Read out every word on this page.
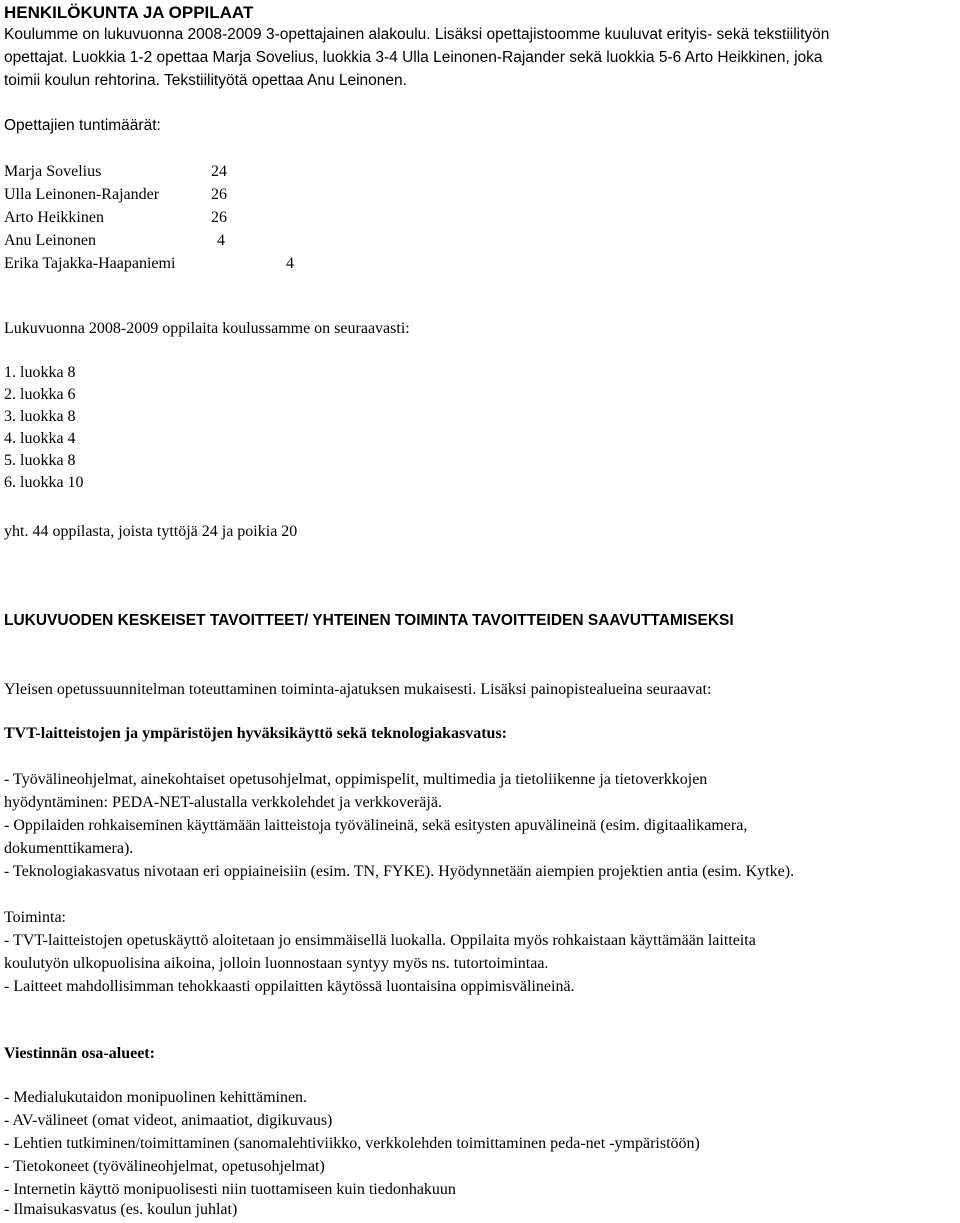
HENKILÖKUNTA JA OPPILAAT
Koulumme on lukuvuonna 2008-2009 3-opettajainen alakoulu. Lisäksi opettajistoomme kuuluvat erityis- sekä tekstiilityön
opettajat. Luokkia 1-2 opettaa Marja Sovelius, luokkia 3-4 Ulla Leinonen-Rajander sekä luokkia 5-6 Arto Heikkinen, joka
toimii koulun rehtorina. Tekstiilityötä opettaa Anu Leinonen.
Opettajien tuntimäärät:
Marja Sovelius	24
Ulla Leinonen-Rajander	26
Arto Heikkinen	26
Anu Leinonen	4
Erika Tajakka-Haapaniemi	4
Lukuvuonna 2008-2009 oppilaita koulussamme on seuraavasti:
1. luokka 8
2. luokka 6
3. luokka 8
4. luokka 4
5. luokka 8
6. luokka 10
yht. 44 oppilasta, joista tyttöjä 24 ja poikia 20
LUKUVUODEN KESKEISET TAVOITTEET/ YHTEINEN TOIMINTA TAVOITTEIDEN SAAVUTTAMISEKSI
Yleisen opetussuunnitelman toteuttaminen toiminta-ajatuksen mukaisesti. Lisäksi painopistealueina seuraavat:
TVT-laitteistojen ja ympäristöjen hyväksikäyttö sekä teknologiakasvatus:
- Työvälineohjelmat, ainekohtaiset opetusohjelmat, oppimispelit, multimedia ja tietoliikenne ja tietoverkkojen
hyödyntäminen: PEDA-NET-alustalla verkkolehdet ja verkkoveräjä.
- Oppilaiden rohkaiseminen käyttämään laitteistoja työvälineinä, sekä esitysten apuvälineinä (esim. digitaalikamera,
dokumenttikamera).
- Teknologiakasvatus nivotaan eri oppiaineisiin (esim. TN, FYKE). Hyödynnetään aiempien projektien antia (esim. Kytke).
Toiminta:
- TVT-laitteistojen opetuskäyttö aloitetaan jo ensimmäisellä luokalla. Oppilaita myös rohkaistaan käyttämään laitteita
koulutyön ulkopuolisina aikoina, jolloin luonnostaan syntyy myös ns. tutortoimintaa.
- Laitteet mahdollisimman tehokkaasti oppilaitten käytössä luontaisina oppimisvälineinä.
Viestinnän osa-alueet:
- Medialukutaidon monipuolinen kehittäminen.
- AV-välineet (omat videot, animaatiot, digikuvaus)
- Lehtien tutkiminen/toimittaminen (sanomalehtiviikko, verkkolehden toimittaminen peda-net -ympäristöön)
- Tietokoneet (työvälineohjelmat, opetusohjelmat)
- Internetin käyttö monipuolisesti niin tuottamiseen kuin tiedonhakuun
- Ilmaisukasvatus (es. koulun juhlat)
